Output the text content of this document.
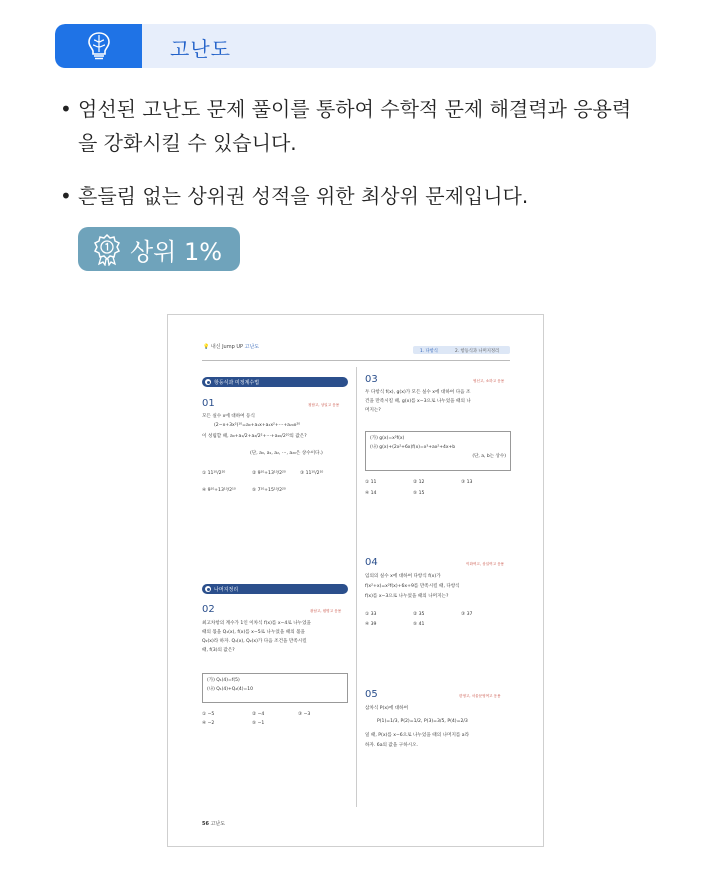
고난도
• 엄선된 고난도 문제 풀이를 통하여 수학적 문제 해결력과 응용력
을 강화시킬 수 있습니다.
• 흔들림 없는 상위권 성적을 위한 최상위 문제입니다.
상위 1%
💡 내신 Jump UP 고난도
1. 다항식	2. 항등식과 나머지정리
항등식과 미정계수법
01	청담고, 상일고 응용
모든 실수 x에 대하여 등식
(2−x+3x²)¹⁰=a₀+a₁x+a₂x²+⋯+a₂₀x²⁰
이 성립할 때, a₀+a₁/2+a₂/2²+⋯+a₂₀/2²⁰의 값은?
(단, a₀, a₁, a₂, ⋯, a₂₀은 상수이다.)
① 11¹⁰/2²⁰	② 9¹⁰+13¹⁰/2²⁰	③ 11¹⁰/2¹⁰
④ 9¹⁰+13¹⁰/2¹⁰	⑤ 7¹⁰+15¹⁰/2²⁰
나머지정리
02	광남고, 원명고 응용
최고차항의 계수가 1인 이차식 f(x)를 x−4로 나누었을
때의 몫을 Q₁(x), f(x)를 x−5로 나누었을 때의 몫을
Q₂(x)라 하자. Q₁(x), Q₂(x)가 다음 조건을 만족시킬
때, f(3)의 값은?
(가) Q₁(4)=f(5)
(나) Q₁(4)+Q₂(4)=10
① −5	② −4	③ −3
④ −2	⑤ −1
03	영신고, 소하고 응용
두 다항식 f(x), g(x)가 모든 실수 x에 대하여 다음 조
건을 만족시킬 때, g(x)를 x−3으로 나누었을 때의 나
머지는?
(가) g(x)=x²f(x)
(나) g(x)+(2x²+6x)f(x)=x³+ax²+4x+b
(단, a, b는 상수)
① 11	② 12	③ 13
④ 14	⑤ 15
04	이화여고, 상일여고 응용
임의의 실수 x에 대하여 다항식 f(x)가
f(x²+x)=x²f(x)+6x+9를 만족시킬 때, 다항식
f(x)를 x−3으로 나누었을 때의 나머지는?
① 33	② 35	③ 37
④ 39	⑤ 41
05	한영고, 서울문영여고 응용
삼차식 P(x)에 대하여
P(1)=1/3, P(2)=1/2, P(3)=3/5, P(4)=2/3
일 때, P(x)를 x−6으로 나누었을 때의 나머지를 a라
하자. 6a의 값을 구하시오.
56 고난도
